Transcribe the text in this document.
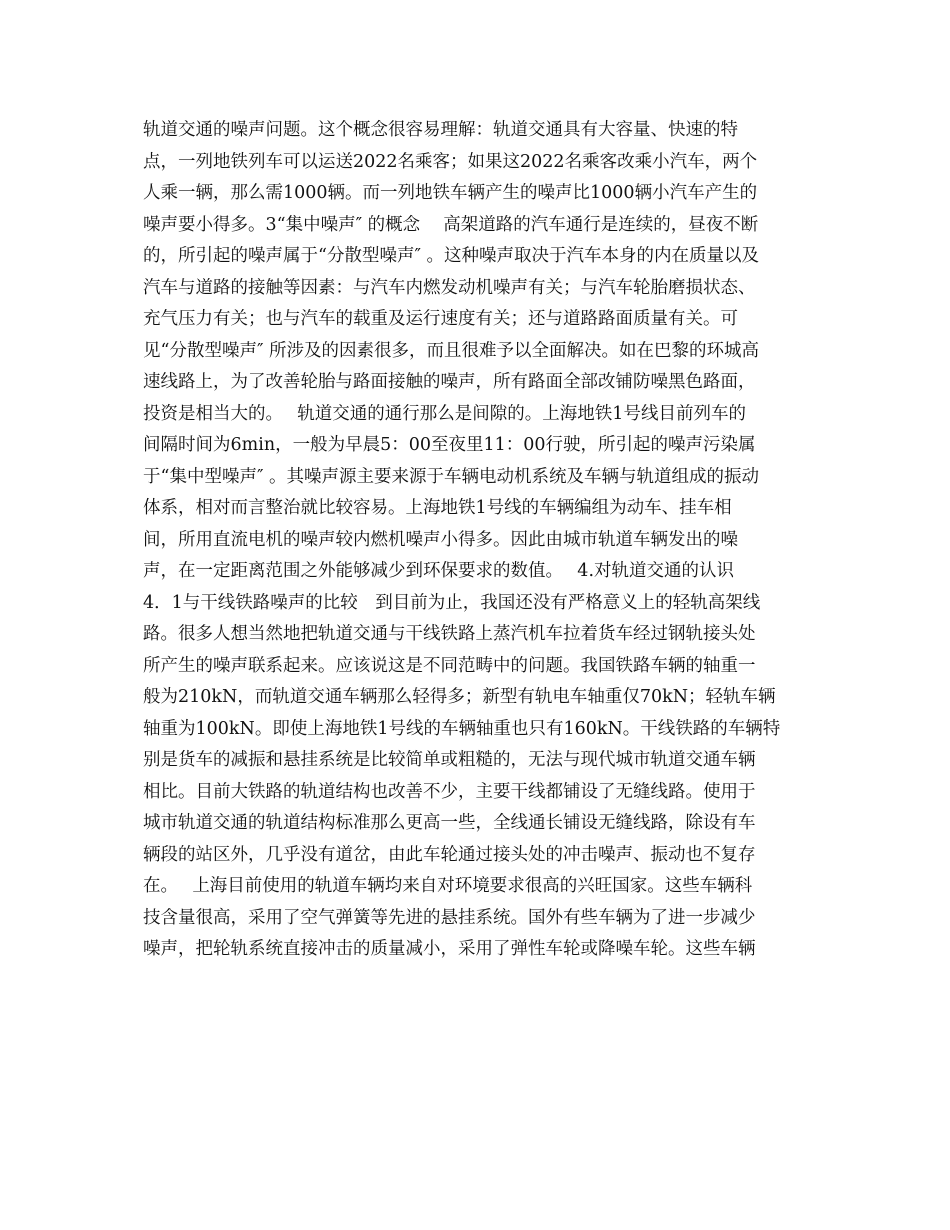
轨道交通的噪声问题。这个概念很容易理解：轨道交通具有大容量、快速的特
点，一列地铁列车可以运送2022名乘客；如果这2022名乘客改乘小汽车，两个
人乘一辆，那么需1000辆。而一列地铁车辆产生的噪声比1000辆小汽车产生的
噪声要小得多。3“集中噪声″ 的概念　 高架道路的汽车通行是连续的，昼夜不断
的，所引起的噪声属于“分散型噪声″ 。这种噪声取决于汽车本身的内在质量以及
汽车与道路的接触等因素：与汽车内燃发动机噪声有关；与汽车轮胎磨损状态、
充气压力有关；也与汽车的载重及运行速度有关；还与道路路面质量有关。可
见“分散型噪声″ 所涉及的因素很多，而且很难予以全面解决。如在巴黎的环城高
速线路上，为了改善轮胎与路面接触的噪声，所有路面全部改铺防噪黑色路面，
投资是相当大的。　 轨道交通的通行那么是间隙的。上海地铁1号线目前列车的
间隔时间为6min，一般为早晨5：00至夜里11：00行驶，所引起的噪声污染属
于“集中型噪声″ 。其噪声源主要来源于车辆电动机系统及车辆与轨道组成的振动
体系，相对而言整治就比较容易。上海地铁1号线的车辆编组为动车、挂车相
间，所用直流电机的噪声较内燃机噪声小得多。因此由城市轨道车辆发出的噪
声，在一定距离范围之外能够减少到环保要求的数值。　 4.对轨道交通的认识
4．1与干线铁路噪声的比较　到目前为止，我国还没有严格意义上的轻轨高架线
路。很多人想当然地把轨道交通与干线铁路上蒸汽机车拉着货车经过钢轨接头处
所产生的噪声联系起来。应该说这是不同范畴中的问题。我国铁路车辆的轴重一
般为210kN，而轨道交通车辆那么轻得多；新型有轨电车轴重仅70kN；轻轨车辆
轴重为100kN。即使上海地铁1号线的车辆轴重也只有160kN。干线铁路的车辆特
别是货车的减振和悬挂系统是比较简单或粗糙的，无法与现代城市轨道交通车辆
相比。目前大铁路的轨道结构也改善不少，主要干线都铺设了无缝线路。使用于
城市轨道交通的轨道结构标准那么更高一些，全线通长铺设无缝线路，除设有车
辆段的站区外，几乎没有道岔，由此车轮通过接头处的冲击噪声、振动也不复存
在。　 上海目前使用的轨道车辆均来自对环境要求很高的兴旺国家。这些车辆科
技含量很高，采用了空气弹簧等先进的悬挂系统。国外有些车辆为了进一步减少
噪声，把轮轨系统直接冲击的质量减小，采用了弹性车轮或降噪车轮。这些车辆
